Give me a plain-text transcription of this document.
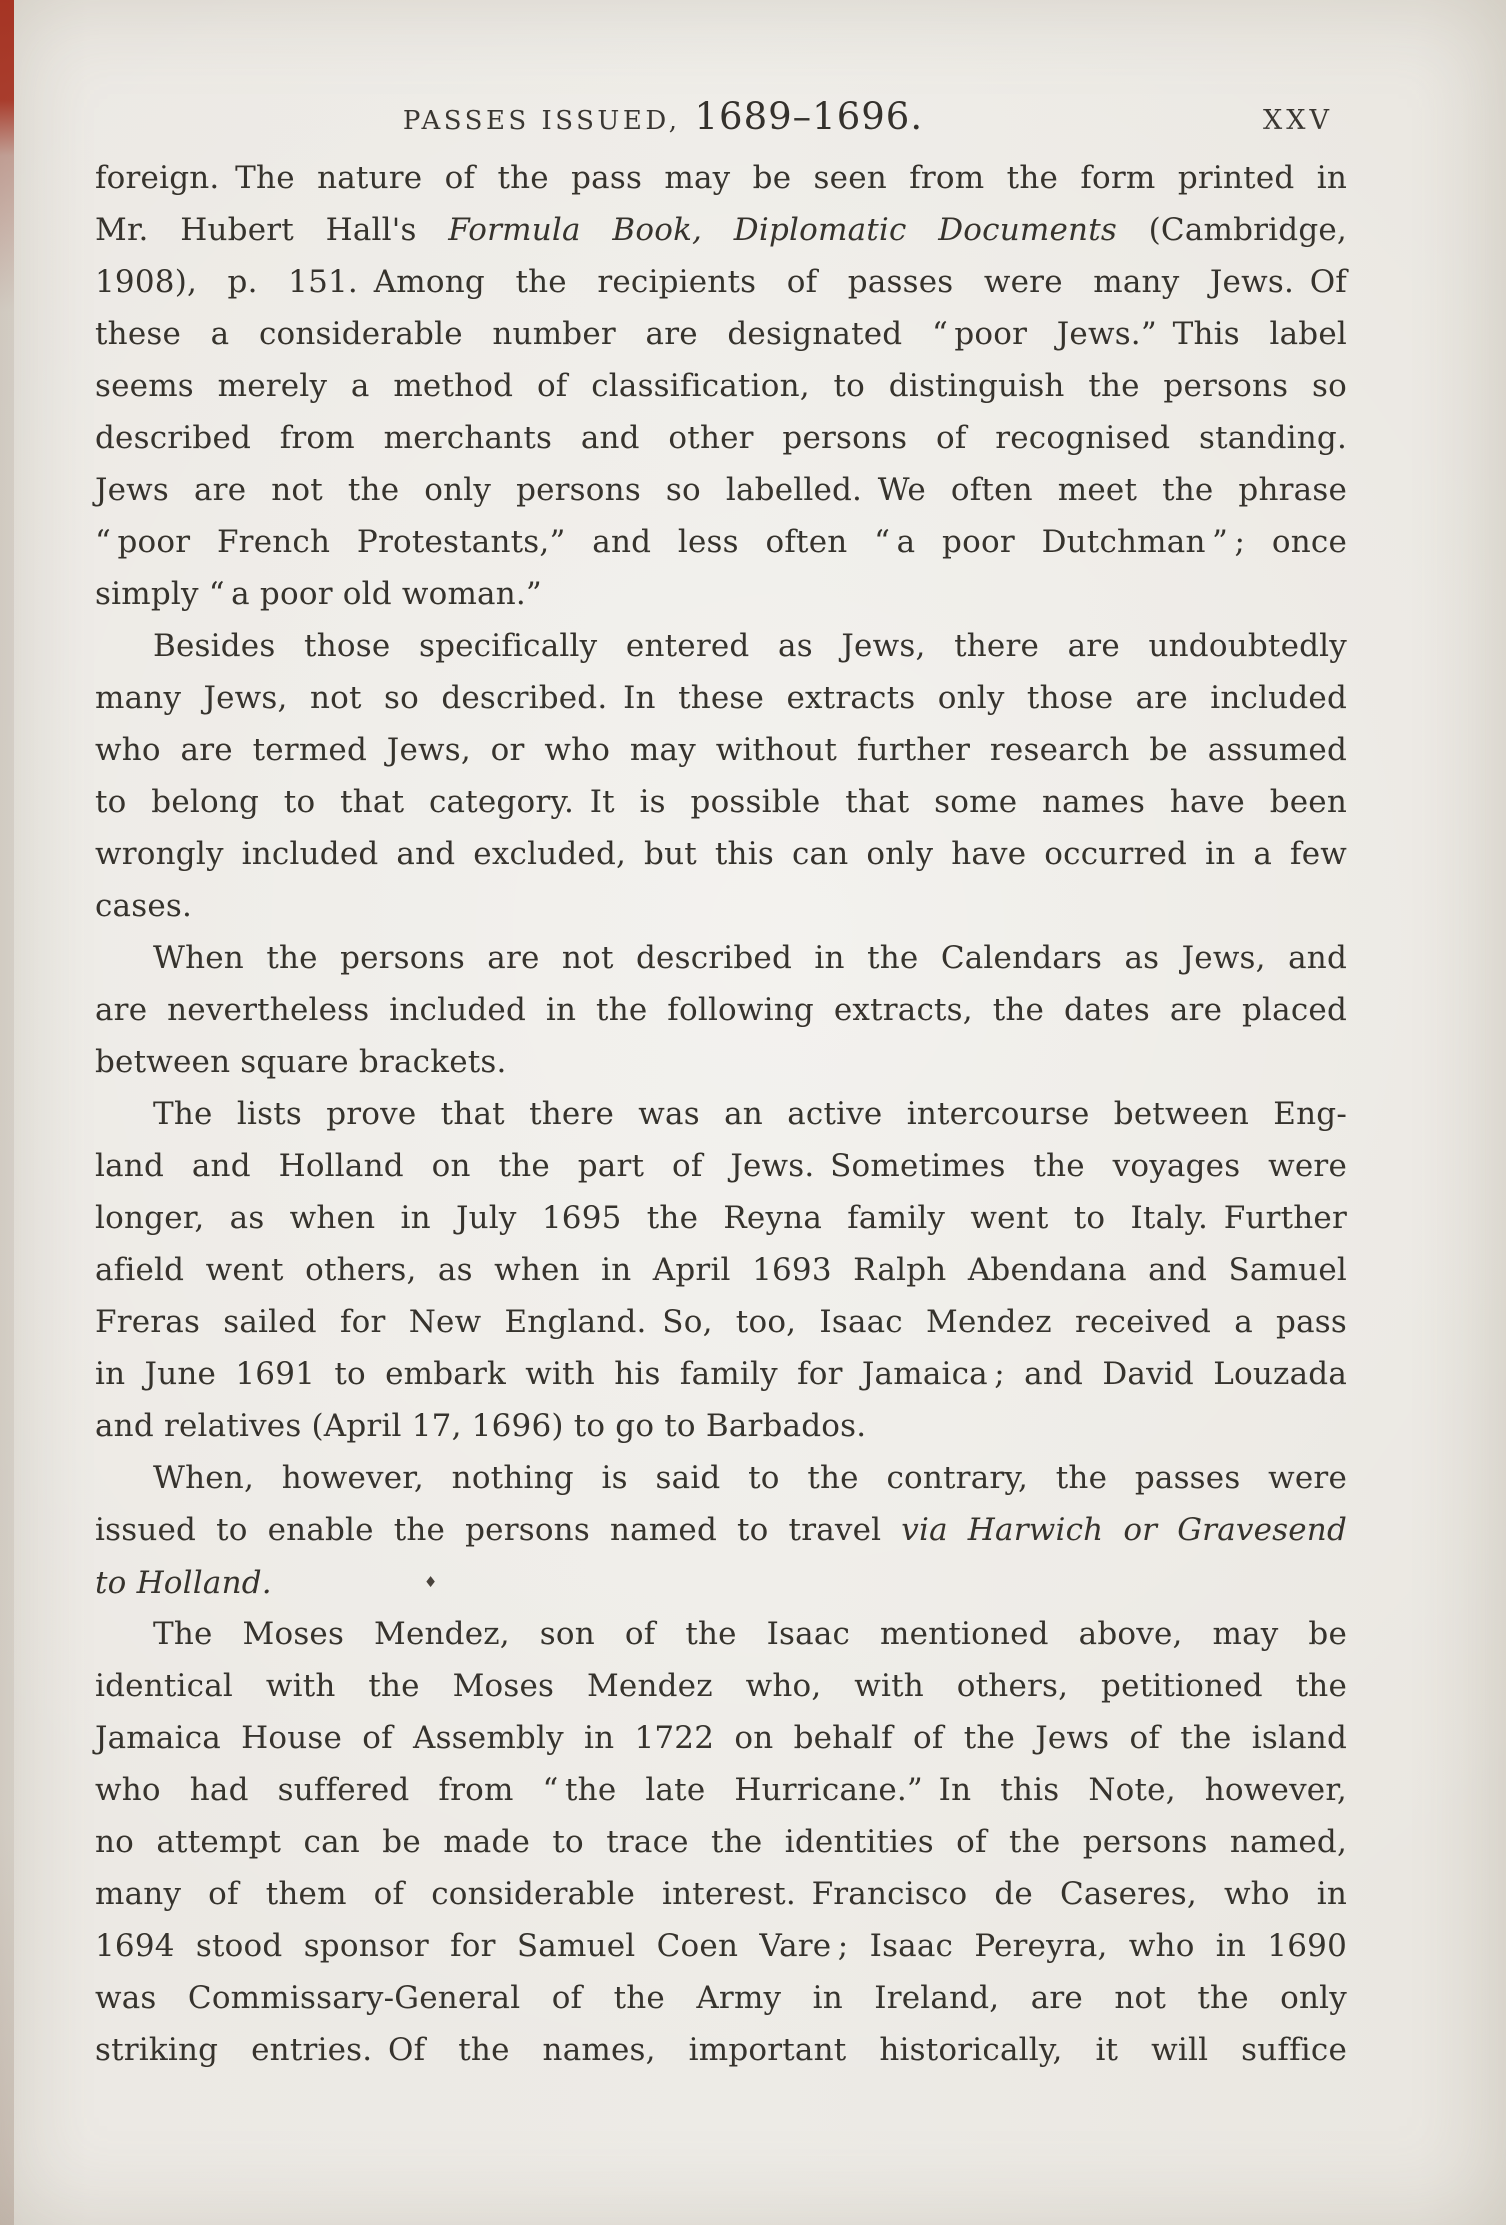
PASSES ISSUED, 1689–1696.	XXV
foreign. The nature of the pass may be seen from the form printed in
Mr. Hubert Hall's Formula Book, Diplomatic Documents (Cambridge,
1908), p. 151. Among the recipients of passes were many Jews. Of
these a considerable number are designated “ poor Jews.” This label
seems merely a method of classification, to distinguish the persons so
described from merchants and other persons of recognised standing.
Jews are not the only persons so labelled. We often meet the phrase
“ poor French Protestants,” and less often “ a poor Dutchman ” ; once
simply “ a poor old woman.”
Besides those specifically entered as Jews, there are undoubtedly
many Jews, not so described. In these extracts only those are included
who are termed Jews, or who may without further research be assumed
to belong to that category. It is possible that some names have been
wrongly included and excluded, but this can only have occurred in a few
cases.
When the persons are not described in the Calendars as Jews, and
are nevertheless included in the following extracts, the dates are placed
between square brackets.
The lists prove that there was an active intercourse between Eng-
land and Holland on the part of Jews. Sometimes the voyages were
longer, as when in July 1695 the Reyna family went to Italy. Further
afield went others, as when in April 1693 Ralph Abendana and Samuel
Freras sailed for New England. So, too, Isaac Mendez received a pass
in June 1691 to embark with his family for Jamaica ; and David Louzada
and relatives (April 17, 1696) to go to Barbados.
When, however, nothing is said to the contrary, the passes were
issued to enable the persons named to travel via Harwich or Gravesend
to Holland.	♦
The Moses Mendez, son of the Isaac mentioned above, may be
identical with the Moses Mendez who, with others, petitioned the
Jamaica House of Assembly in 1722 on behalf of the Jews of the island
who had suffered from “ the late Hurricane.” In this Note, however,
no attempt can be made to trace the identities of the persons named,
many of them of considerable interest. Francisco de Caseres, who in
1694 stood sponsor for Samuel Coen Vare ; Isaac Pereyra, who in 1690
was Commissary-General of the Army in Ireland, are not the only
striking entries. Of the names, important historically, it will suffice
